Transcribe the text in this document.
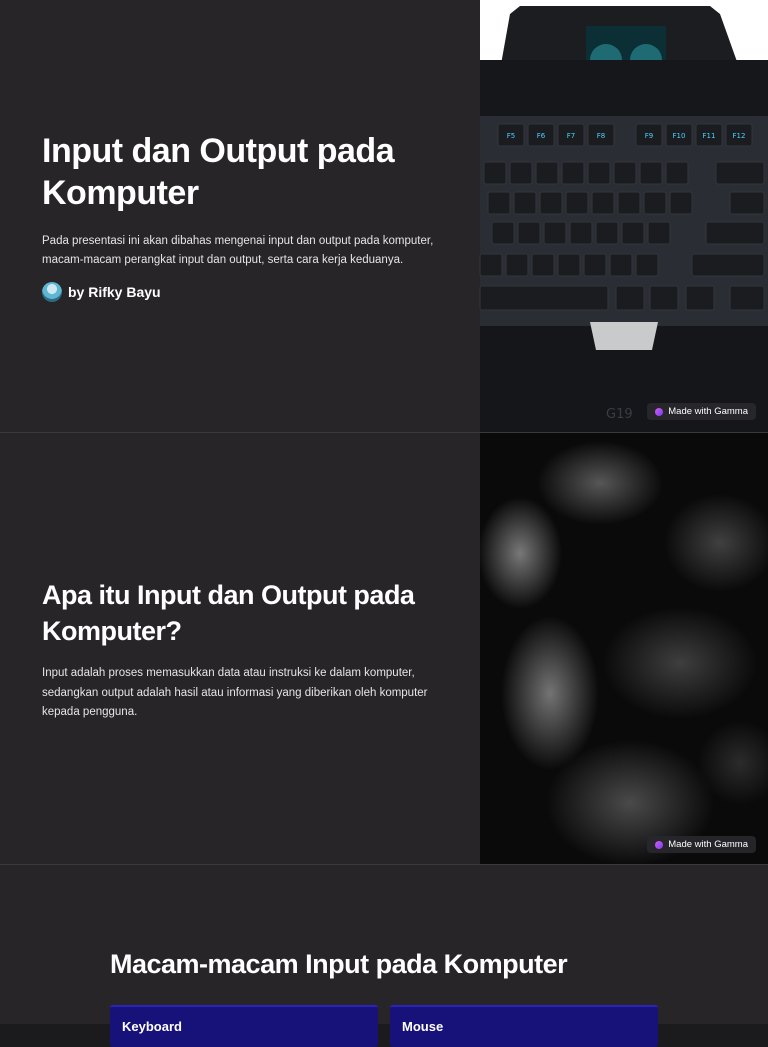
Input dan Output pada Komputer

Pada presentasi ini akan dibahas mengenai input dan output pada komputer, macam-macam perangkat input dan output, serta cara kerja keduanya.

by Rifky Bayu
F5	F6	F7	F8	F9	F10 F11 F12
G19	Made with Gamma
Apa itu Input dan Output pada Komputer?

Input adalah proses memasukkan data atau instruksi ke dalam komputer, sedangkan output adalah hasil atau informasi yang diberikan oleh komputer kepada pengguna.

Made with Gamma
Macam-macam Input pada Komputer
Keyboard	Mouse
